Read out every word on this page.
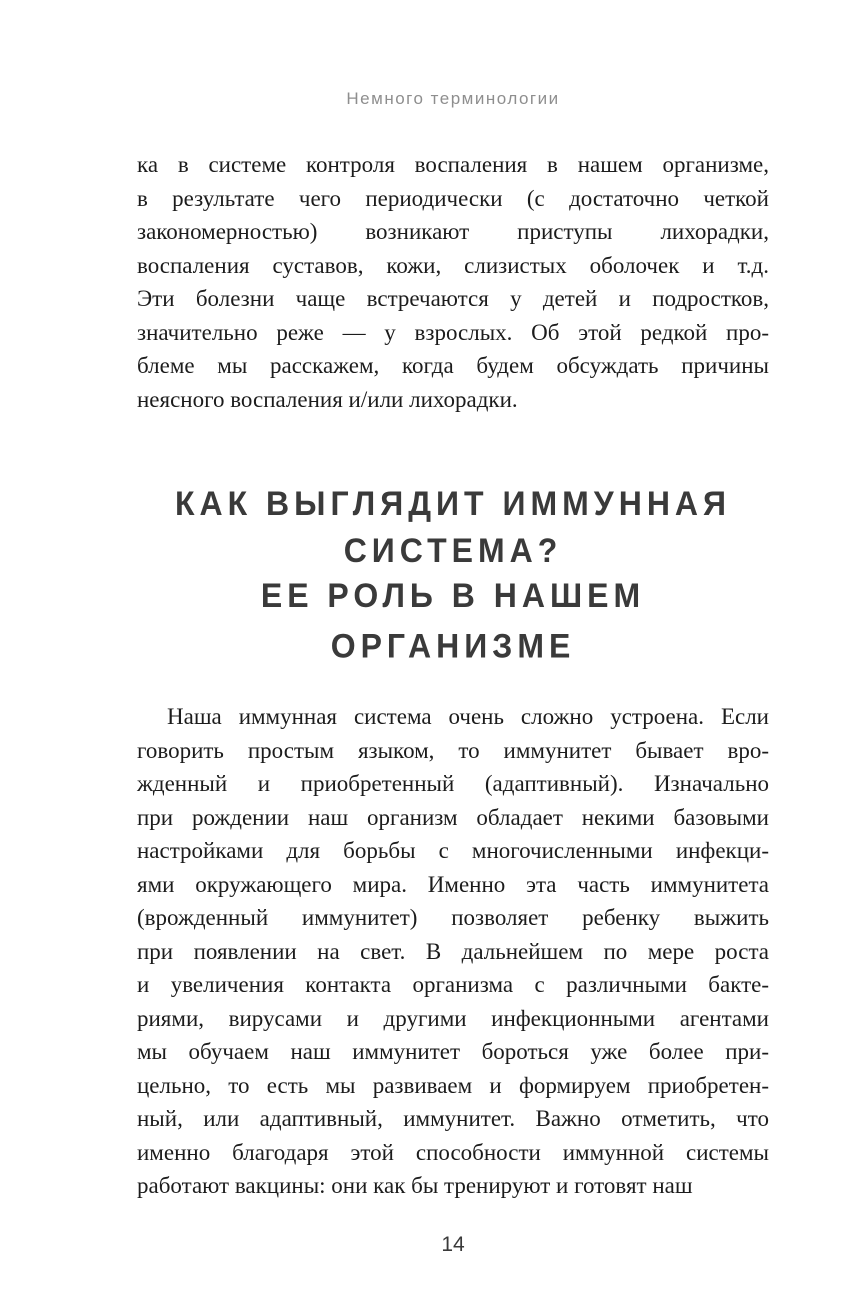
Немного терминологии
ка в системе контроля воспаления в нашем организме,
в результате чего периодически (с достаточно четкой
закономерностью) возникают приступы лихорадки,
воспаления суставов, кожи, слизистых оболочек и т.д.
Эти болезни чаще встречаются у детей и подростков,
значительно реже — у взрослых. Об этой редкой про-
блеме мы расскажем, когда будем обсуждать причины
неясного воспаления и/или лихорадки.
КАК ВЫГЛЯДИТ ИММУННАЯ
СИСТЕМА?
ЕЕ РОЛЬ В НАШЕМ ОРГАНИЗМЕ
Наша иммунная система очень сложно устроена. Если
говорить простым языком, то иммунитет бывает вро-
жденный и приобретенный (адаптивный). Изначально
при рождении наш организм обладает некими базовыми
настройками для борьбы с многочисленными инфекци-
ями окружающего мира. Именно эта часть иммунитета
(врожденный иммунитет) позволяет ребенку выжить
при появлении на свет. В дальнейшем по мере роста
и увеличения контакта организма с различными бакте-
риями, вирусами и другими инфекционными агентами
мы обучаем наш иммунитет бороться уже более при-
цельно, то есть мы развиваем и формируем приобретен-
ный, или адаптивный, иммунитет. Важно отметить, что
именно благодаря этой способности иммунной системы
работают вакцины: они как бы тренируют и готовят наш
14
